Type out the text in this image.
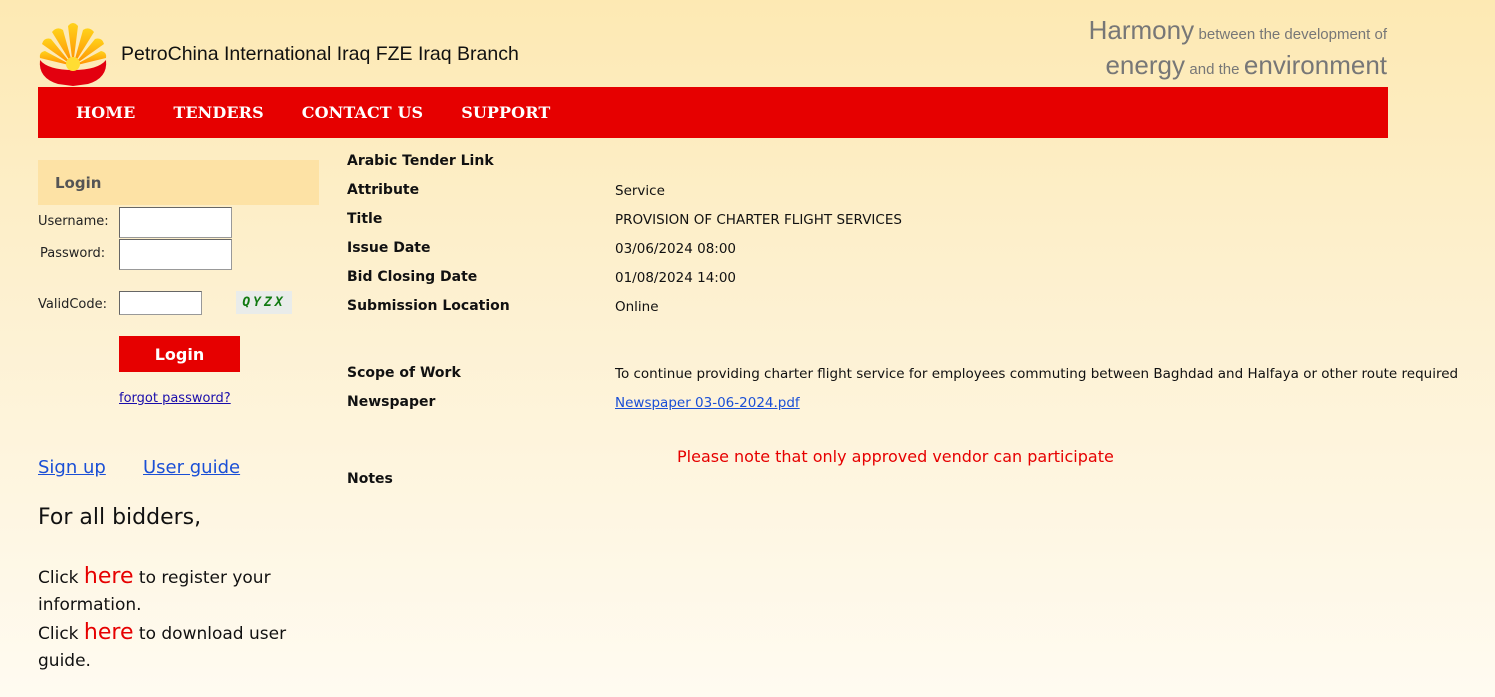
PetroChina International Iraq FZE Iraq Branch
Harmony between the development of
energy and the environment
HOME TENDERS CONTACT US SUPPORT
Login
Username:
Password:
ValidCode:	QYZX
Login
forgot password?
Sign up User guide
For all bidders,
Click here to register your information.
Click here to download user guide.
Arabic Tender Link
Attribute	Service
Title	PROVISION OF CHARTER FLIGHT SERVICES
Issue Date	03/06/2024 08:00
Bid Closing Date	01/08/2024 14:00
Submission Location	Online
Scope of Work	To continue providing charter flight service for employees commuting between Baghdad and Halfaya or other route required
Newspaper	Newspaper 03-06-2024.pdf
Please note that only approved vendor can participate
Notes
